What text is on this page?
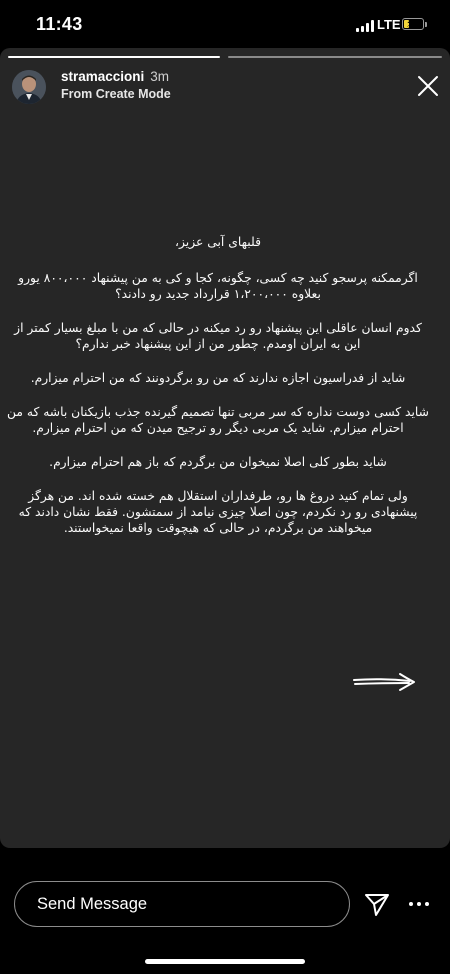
11:43	LTE ⚡
stramaccioni 3m
From Create Mode

قلبهای آبی عزیز،

اگرممکنه پرسجو کنید چه کسی، چگونه، کجا و کی به من پیشنهاد ۸۰۰،۰۰۰ یورو بعلاوه ۱،۲۰۰،۰۰۰ قرارداد جدید رو دادند؟

کدوم انسان عاقلی این پیشنهاد رو رد میکنه در حالی که من با مبلغ بسیار کمتر از این به ایران اومدم. چطور من از این پیشنهاد خبر ندارم؟

شاید از فدراسیون اجازه ندارند که من رو برگردونند که من احترام میزارم.

شاید کسی دوست نداره که سر مربی تنها تصمیم گیرنده جذب بازیکنان باشه که من احترام میزارم. شاید یک مربی دیگر رو ترجیح میدن که من احترام میزارم.

شاید بطور کلی اصلا نمیخوان من برگردم که باز هم احترام میزارم.

ولی تمام کنید دروغ ها رو، طرفداران استقلال هم خسته شده اند. من هرگز پیشنهادی رو رد نکردم، چون اصلا چیزی نیامد از سمتشون. فقط نشان دادند که میخواهند من برگردم، در حالی که هیچوقت واقعا نمیخواستند.

Send Message
